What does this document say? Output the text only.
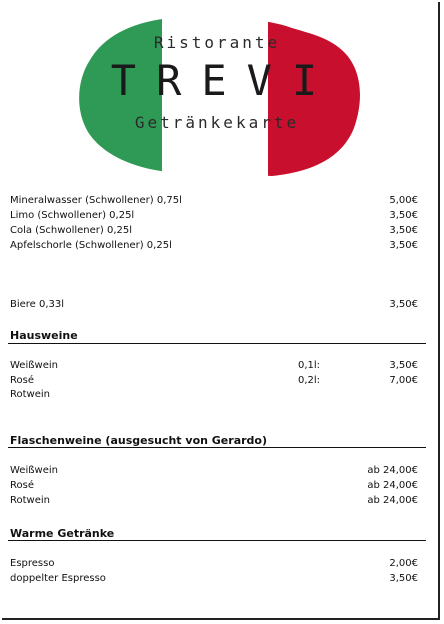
Ristorante
TREVI
Getränkekarte
Mineralwasser (Schwollener) 0,75l	5,00€
Limo (Schwollener) 0,25l	3,50€
Cola (Schwollener) 0,25l	3,50€
Apfelschorle (Schwollener) 0,25l	3,50€
Biere 0,33l	3,50€
Hausweine
Weißwein	0,1l:	3,50€
Rosé	0,2l:	7,00€
Rotwein
Flaschenweine (ausgesucht von Gerardo)
Weißwein	ab 24,00€
Rosé	ab 24,00€
Rotwein	ab 24,00€
Warme Getränke
Espresso	2,00€
doppelter Espresso	3,50€
